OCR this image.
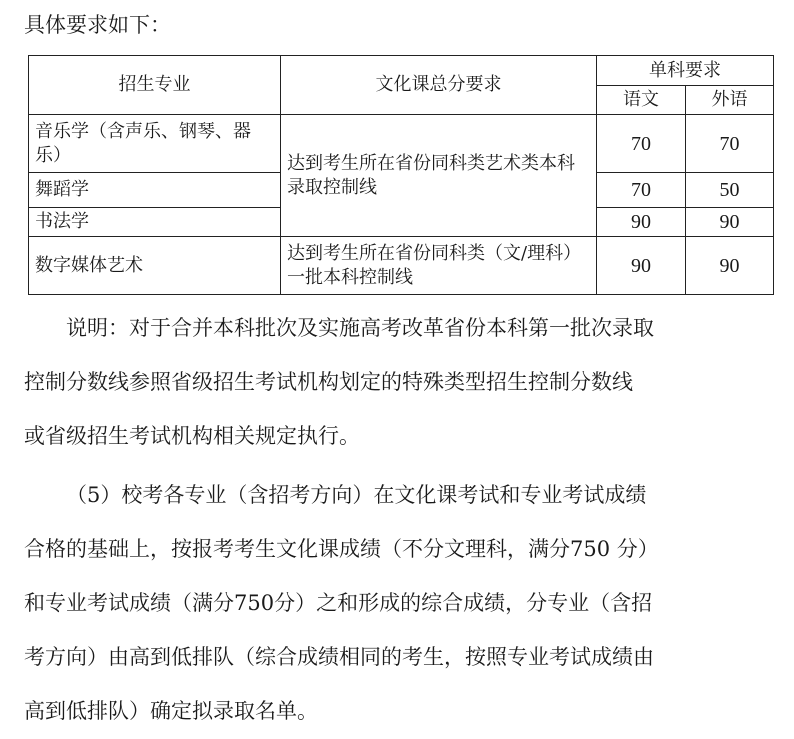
具体要求如下：
招生专业	文化课总分要求	单科要求	
		语文	外语
音乐学（含声乐、钢琴、器乐）	达到考生所在省份同科类艺术类本科录取控制线	70	70
舞蹈学		70	50
书法学		90	90
数字媒体艺术	达到考生所在省份同科类（文/理科）一批本科控制线	90	90
说明：对于合并本科批次及实施高考改革省份本科第一批次录取
控制分数线参照省级招生考试机构划定的特殊类型招生控制分数线
或省级招生考试机构相关规定执行。
（5）校考各专业（含招考方向）在文化课考试和专业考试成绩
合格的基础上，按报考考生文化课成绩（不分文理科，满分750 分）
和专业考试成绩（满分750分）之和形成的综合成绩，分专业（含招
考方向）由高到低排队（综合成绩相同的考生，按照专业考试成绩由
高到低排队）确定拟录取名单。
